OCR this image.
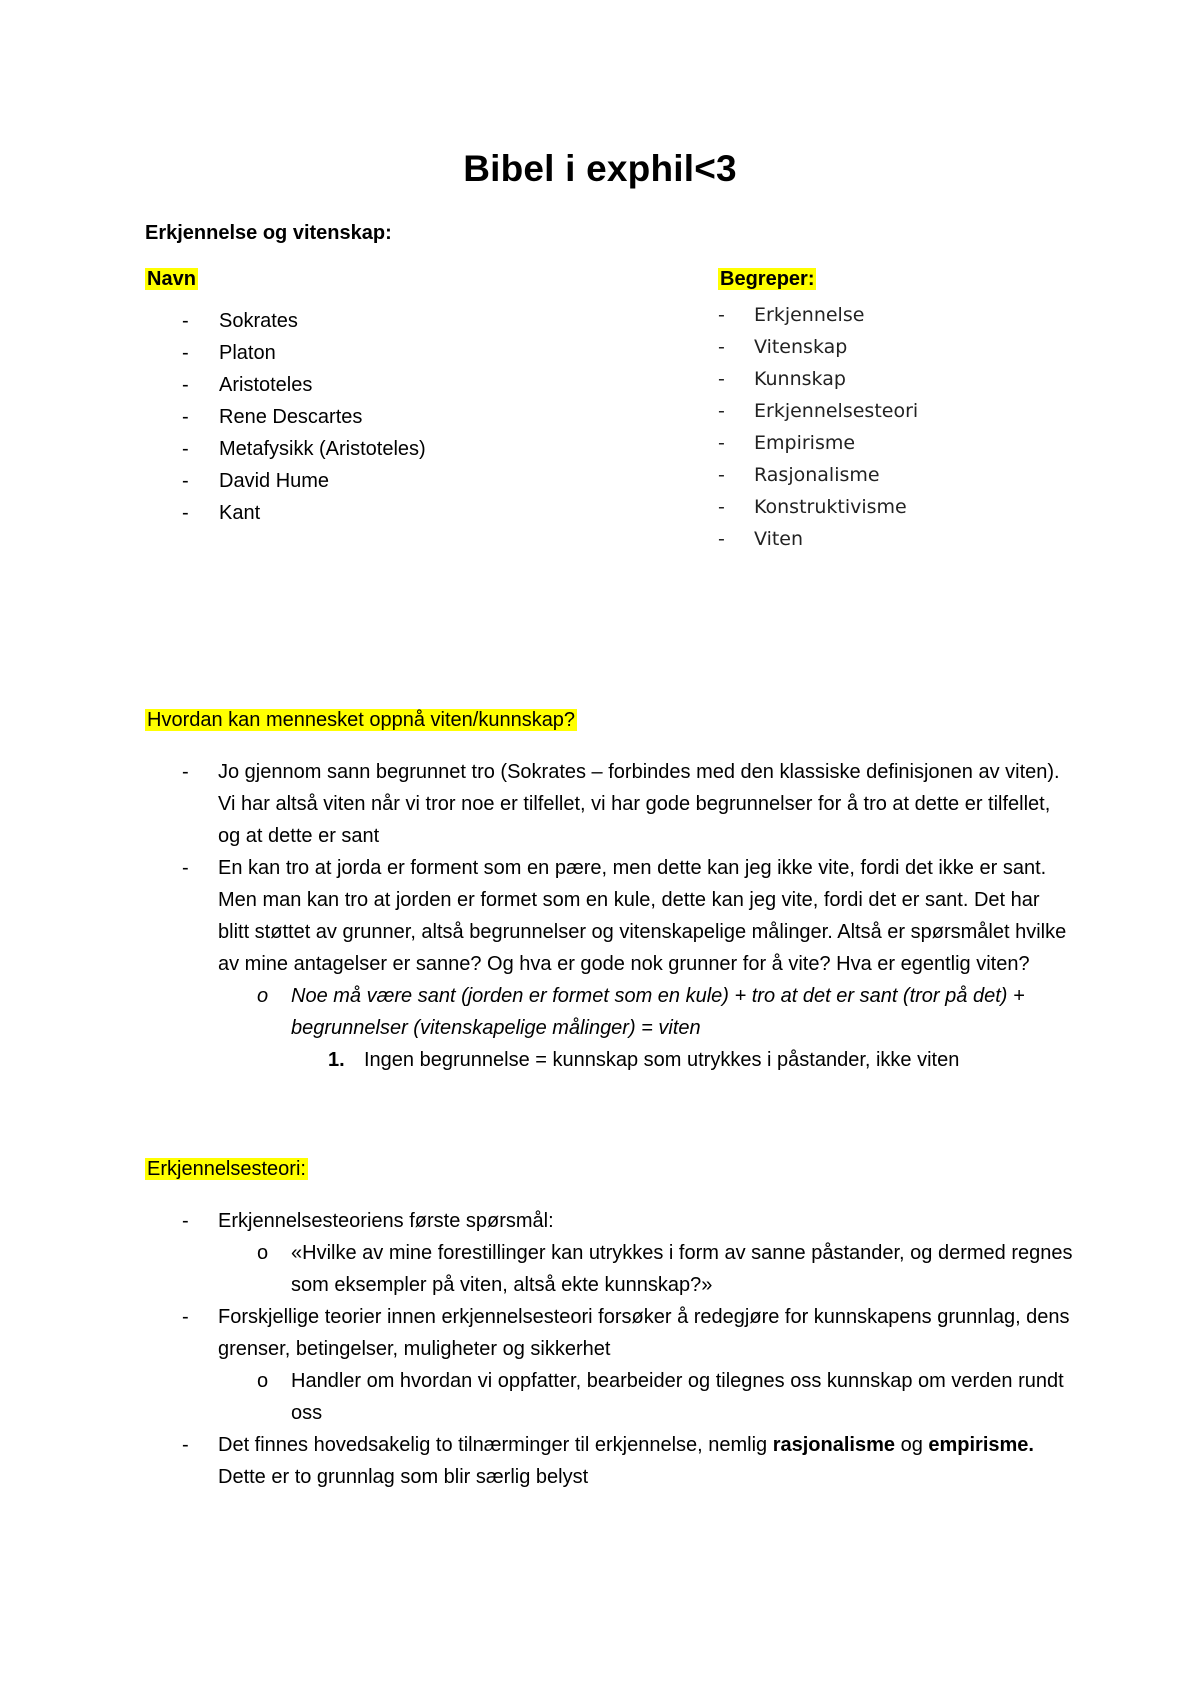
Bibel i exphil<3
Erkjennelse og vitenskap:
Navn
- Sokrates
- Platon
- Aristoteles
- Rene Descartes
- Metafysikk (Aristoteles)
- David Hume
- Kant
Begreper:
- Erkjennelse
- Vitenskap
- Kunnskap
- Erkjennelsesteori
- Empirisme
- Rasjonalisme
- Konstruktivisme
- Viten
Hvordan kan mennesket oppnå viten/kunnskap?
- Jo gjennom sann begrunnet tro (Sokrates – forbindes med den klassiske definisjonen av viten). Vi har altså viten når vi tror noe er tilfellet, vi har gode begrunnelser for å tro at dette er tilfellet, og at dette er sant
- En kan tro at jorda er forment som en pære, men dette kan jeg ikke vite, fordi det ikke er sant. Men man kan tro at jorden er formet som en kule, dette kan jeg vite, fordi det er sant. Det har blitt støttet av grunner, altså begrunnelser og vitenskapelige målinger. Altså er spørsmålet hvilke av mine antagelser er sanne? Og hva er gode nok grunner for å vite? Hva er egentlig viten?
o Noe må være sant (jorden er formet som en kule) + tro at det er sant (tror på det) + begrunnelser (vitenskapelige målinger) = viten
1. Ingen begrunnelse = kunnskap som utrykkes i påstander, ikke viten
Erkjennelsesteori:
- Erkjennelsesteoriens første spørsmål:
o «Hvilke av mine forestillinger kan utrykkes i form av sanne påstander, og dermed regnes som eksempler på viten, altså ekte kunnskap?»
- Forskjellige teorier innen erkjennelsesteori forsøker å redegjøre for kunnskapens grunnlag, dens grenser, betingelser, muligheter og sikkerhet
o Handler om hvordan vi oppfatter, bearbeider og tilegnes oss kunnskap om verden rundt oss
- Det finnes hovedsakelig to tilnærminger til erkjennelse, nemlig rasjonalisme og empirisme. Dette er to grunnlag som blir særlig belyst
